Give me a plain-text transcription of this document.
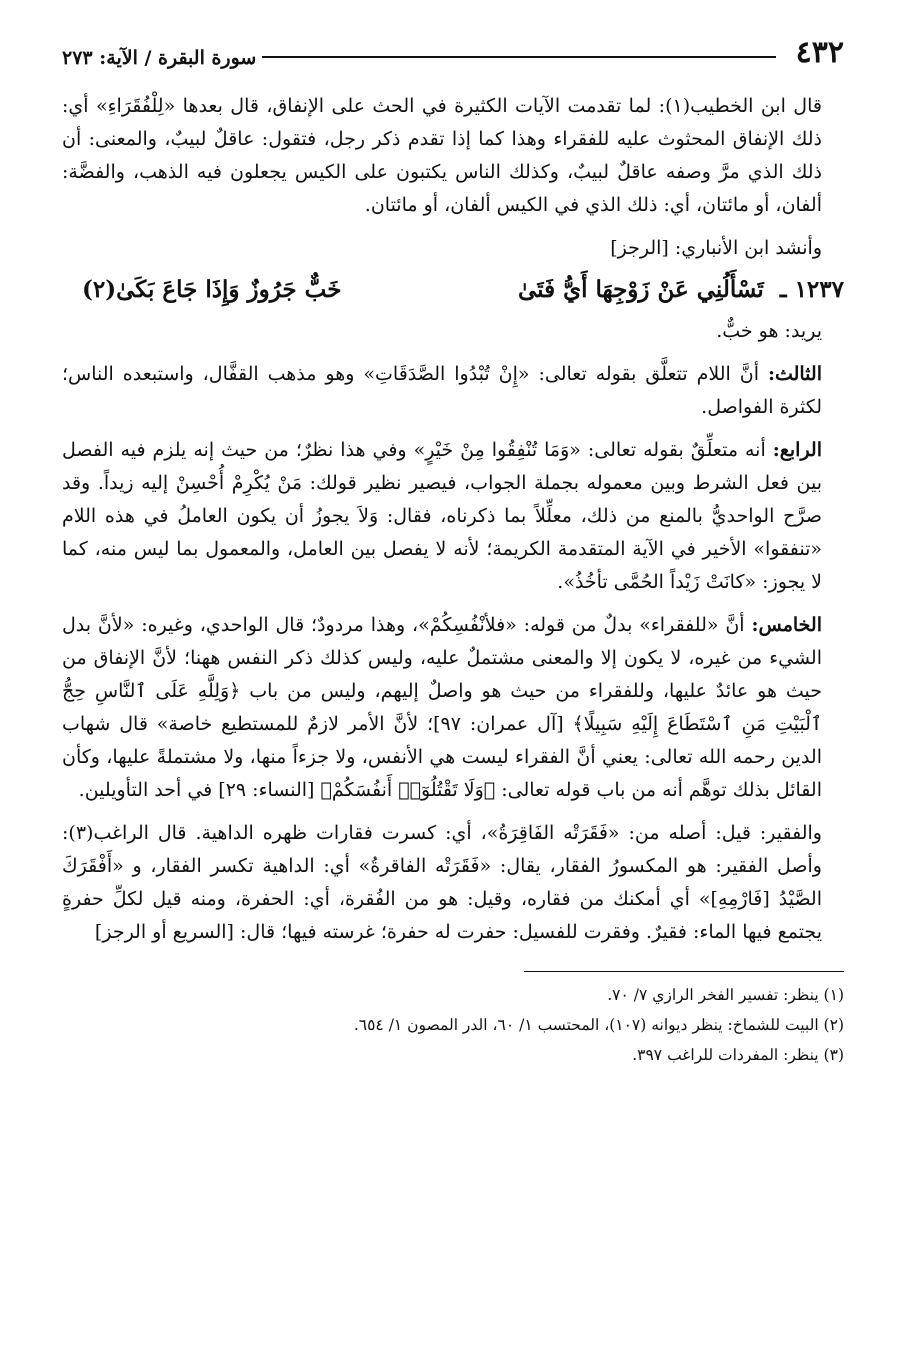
٤٣٢
سورة البقرة / الآية: ٢٧٣

قال ابن الخطيب(١): لما تقدمت الآيات الكثيرة في الحث على الإنفاق، قال بعدها «لِلْفُقَرَاءِ» أي: ذلك الإنفاق المحثوث عليه للفقراء وهذا كما إذا تقدم ذكر رجل، فتقول: عاقلٌ لبيبٌ، والمعنى: أن ذلك الذي مرَّ وصفه عاقلٌ لبيبٌ، وكذلك الناس يكتبون على الكيس يجعلون فيه الذهب، والفضَّة: ألفان، أو مائتان، أي: ذلك الذي في الكيس ألفان، أو مائتان.

وأنشد ابن الأنباري: [الرجز]

١٢٣٧ ـ تَسْأَلُنِي عَنْ زَوْجِهَا أَيُّ فَتَىٰ
خَبٌّ جَرُوزٌ وَإِذَا جَاعَ بَكَىٰ(٢)

يريد: هو خبٌّ.

الثالث: أنَّ اللام تتعلَّق بقوله تعالى: «إِنْ تُبْدُوا الصَّدَقَاتِ» وهو مذهب القفَّال، واستبعده الناس؛ لكثرة الفواصل.

الرابع: أنه متعلِّقٌ بقوله تعالى: «وَمَا تُنْفِقُوا مِنْ خَيْرٍ» وفي هذا نظرٌ؛ من حيث إنه يلزم فيه الفصل بين فعل الشرط وبين معموله بجملة الجواب، فيصير نظير قولك: مَنْ يُكْرِمْ أُحْسِنْ إليه زيداً. وقد صرَّح الواحديُّ بالمنع من ذلك، معلِّلاً بما ذكرناه، فقال: وَلاَ يجوزُ أن يكون العاملُ في هذه اللام «تنفقوا» الأخير في الآية المتقدمة الكريمة؛ لأنه لا يفصل بين العامل، والمعمول بما ليس منه، كما لا يجوز: «كانَتْ زَيْداً الحُمَّى تأخُذُ».

الخامس: أنَّ «للفقراء» بدلٌ من قوله: «فلأنْفُسِكُمْ»، وهذا مردودٌ؛ قال الواحدي، وغيره: «لأنَّ بدل الشيء من غيره، لا يكون إلا والمعنى مشتملٌ عليه، وليس كذلك ذكر النفس ههنا؛ لأنَّ الإنفاق من حيث هو عائدٌ عليها، وللفقراء من حيث هو واصلٌ إليهم، وليس من باب ﴿وَلِلَّهِ عَلَى ٱلنَّاسِ حِجُّ ٱلْبَيْتِ مَنِ ٱسْتَطَاعَ إِلَيْهِ سَبِيلًا﴾ [آل عمران: ٩٧]؛ لأنَّ الأمر لازمٌ للمستطيع خاصة» قال شهاب الدين رحمه الله تعالى: يعني أنَّ الفقراء ليست هي الأنفس، ولا جزءاً منها، ولا مشتملةً عليها، وكأن القائل بذلك توهَّم أنه من باب قوله تعالى: ﴿وَلَا تَقْتُلُوٓا۟ أَنفُسَكُمْ﴾ [النساء: ٢٩] في أحد التأويلين.

والفقير: قيل: أصله من: «فَقَرَتْه الفَاقِرَةُ»، أي: كسرت فقارات ظهره الداهية. قال الراغب(٣): وأصل الفقير: هو المكسورُ الفقار، يقال: «فَقَرَتْه الفاقرةُ» أي: الداهية تكسر الفقار، و «أَفْقَرَكَ الصَّيْدُ [فَارْمِهِ]» أي أمكنك من فقاره، وقيل: هو من الفُقرة، أي: الحفرة، ومنه قيل لكلِّ حفرةٍ يجتمع فيها الماء: فقيرٌ. وفقرت للفسيل: حفرت له حفرة؛ غرسته فيها؛ قال: [السريع أو الرجز]

(١) ينظر: تفسير الفخر الرازي ٧/ ٧٠.
(٢) البيت للشماخ: ينظر ديوانه (١٠٧)، المحتسب ١/ ٦٠، الدر المصون ١/ ٦٥٤.
(٣) ينظر: المفردات للراغب ٣٩٧.
